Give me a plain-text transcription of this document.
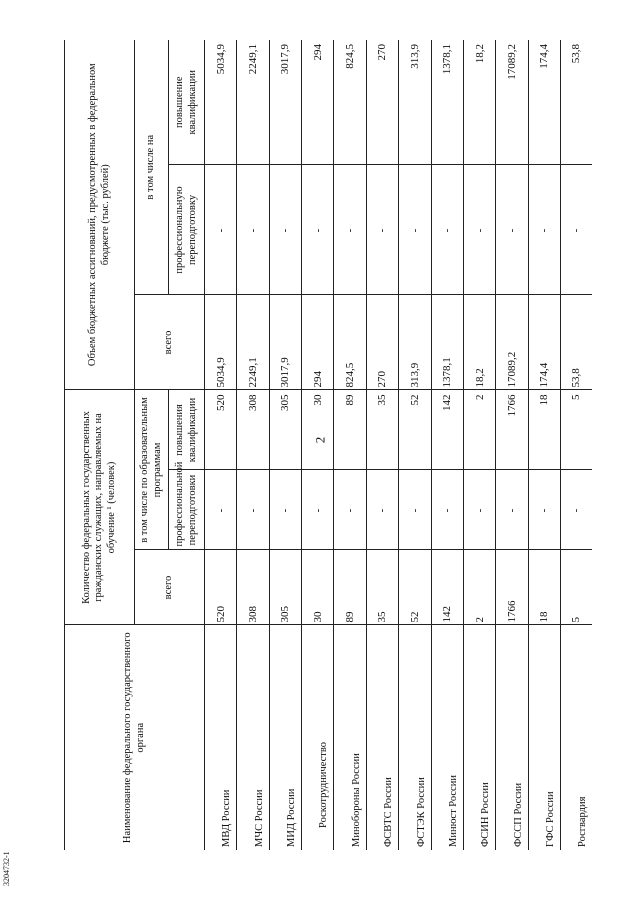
2
Наименование федерального государственного органа	Количество федеральных государственных гражданских служащих, направляемых на обучение ¹ (человек)			Объем бюджетных ассигнований, предусмотренных в федеральном бюджете (тыс. рублей)		
	всего	в том числе по образовательным программам		всего	в том числе на	
		профессиональной переподготовки	повышения квалификации		профессиональную переподготовку	повышение квалификации
МВД России	520	-	520	5034,9	-	5034,9
МЧС России	308	-	308	2249,1	-	2249,1
МИД России	305	-	305	3017,9	-	3017,9
Роскотрудничество	30	-	30	294	-	294
Минобороны России	89	-	89	824,5	-	824,5
ФСВТС России	35	-	35	270	-	270
ФСТЭК России	52	-	52	313,9	-	313,9
Минюст России	142	-	142	1378,1	-	1378,1
ФСИН России	2	-	2	18,2	-	18,2
ФССП России	1766	-	1766	17089,2	-	17089,2
ГФС России	18	-	18	174,4	-	174,4
Росгвардия	5	-	5	53,8	-	53,8
3204732-1
